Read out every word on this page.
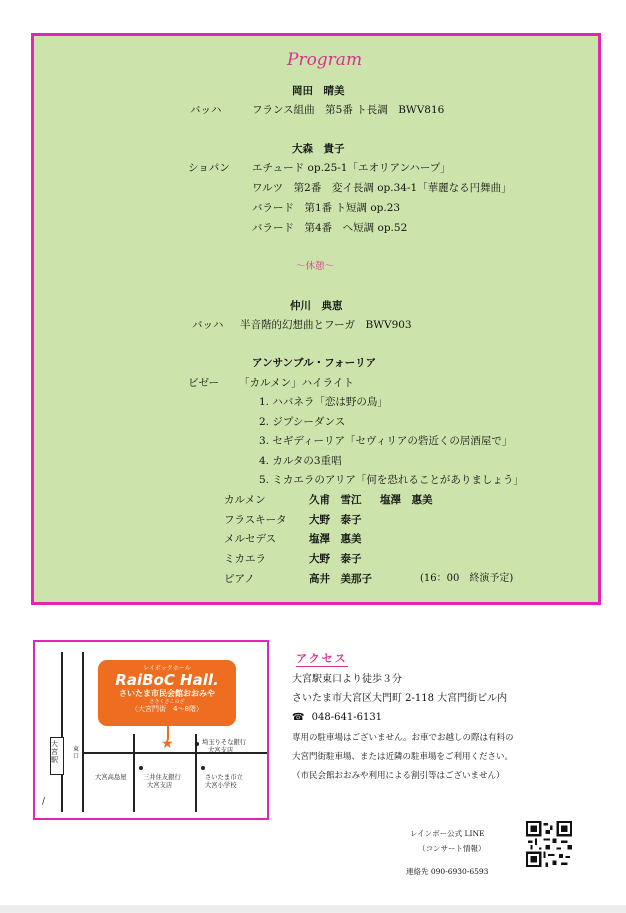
Program
岡田　晴美
バッハ	フランス組曲　第5番 ト長調　BWV816
大森　貴子
ショパン エチュード op.25-1「エオリアンハープ」
ワルツ　第2番　変イ長調 op.34-1「華麗なる円舞曲」
バラード　第1番 ト短調 op.23
バラード　第4番　へ短調 op.52
～休憩～
仲川　典恵
バッハ 半音階的幻想曲とフーガ　BWV903
アンサンブル・フォーリア
ビゼー 「カルメン」ハイライト
1. ハバネラ「恋は野の鳥」
2. ジプシーダンス
3. セギディーリア「セヴィリアの砦近くの居酒屋で」
4. カルタの3重唱
5. ミカエラのアリア「何を恐れることがありましょう」
カルメン	久甫　雪江 塩澤　惠美
フラスキータ 大野　泰子
メルセデス	塩澤　惠美
ミカエラ	大野　泰子
ピアノ	高井　美那子	(16：00　終演予定)
大宮駅
東口
レイボックホール
RaiBoC Hall.
さいたま市民会館おおみや
さきくさこのざ
（大宮門街　4～8階）
★	埼玉りそな銀行
大宮支店
大宮高島屋	三井住友銀行
大宮支店
さいたま市立
大宮小学校
/
アクセス
大宮駅東口より徒歩３分
さいたま市大宮区大門町 2-118 大宮門街ビル内
☎ 048-641-6131
専用の駐車場はございません。お車でお越しの際は有料の
大宮門街駐車場、または近隣の駐車場をご利用ください。
（市民会館おおみや利用による割引等はございません）
レインボー公式 LINE
（コンサート情報）
連絡先 090-6930-6593
